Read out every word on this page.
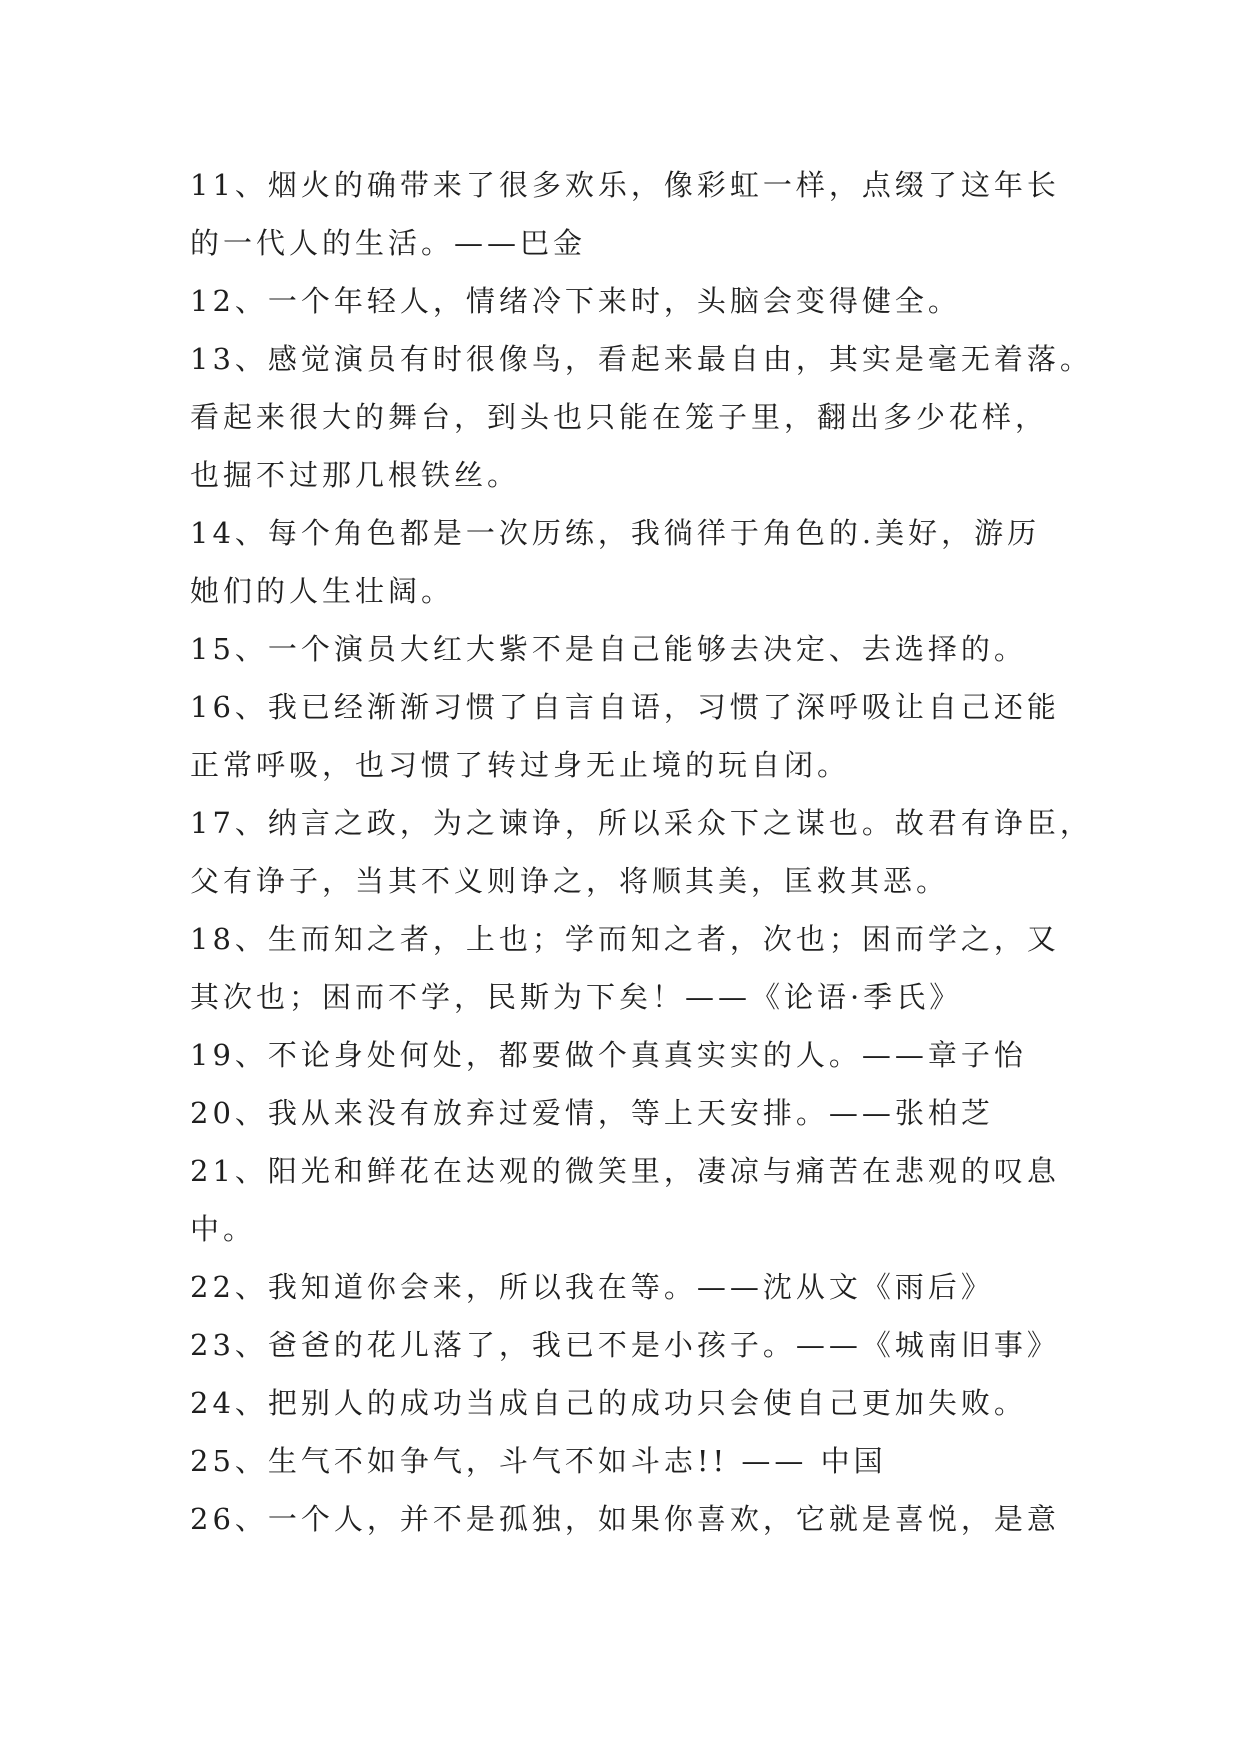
11、烟火的确带来了很多欢乐，像彩虹一样，点缀了这年长
的一代人的生活。——巴金
12、一个年轻人，情绪冷下来时，头脑会变得健全。
13、感觉演员有时很像鸟，看起来最自由，其实是毫无着落。
看起来很大的舞台，到头也只能在笼子里，翻出多少花样，
也掘不过那几根铁丝。
14、每个角色都是一次历练，我徜徉于角色的.美好，游历
她们的人生壮阔。
15、一个演员大红大紫不是自己能够去决定、去选择的。
16、我已经渐渐习惯了自言自语，习惯了深呼吸让自己还能
正常呼吸，也习惯了转过身无止境的玩自闭。
17、纳言之政，为之谏诤，所以采众下之谋也。故君有诤臣，
父有诤子，当其不义则诤之，将顺其美，匡救其恶。
18、生而知之者，上也；学而知之者，次也；困而学之，又
其次也；困而不学，民斯为下矣！——《论语·季氏》
19、不论身处何处，都要做个真真实实的人。——章子怡
20、我从来没有放弃过爱情，等上天安排。——张柏芝
21、阳光和鲜花在达观的微笑里，凄凉与痛苦在悲观的叹息
中。
22、我知道你会来，所以我在等。——沈从文《雨后》
23、爸爸的花儿落了，我已不是小孩子。——《城南旧事》
24、把别人的成功当成自己的成功只会使自己更加失败。
25、生气不如争气，斗气不如斗志!! —— 中国
26、一个人，并不是孤独，如果你喜欢，它就是喜悦，是意
